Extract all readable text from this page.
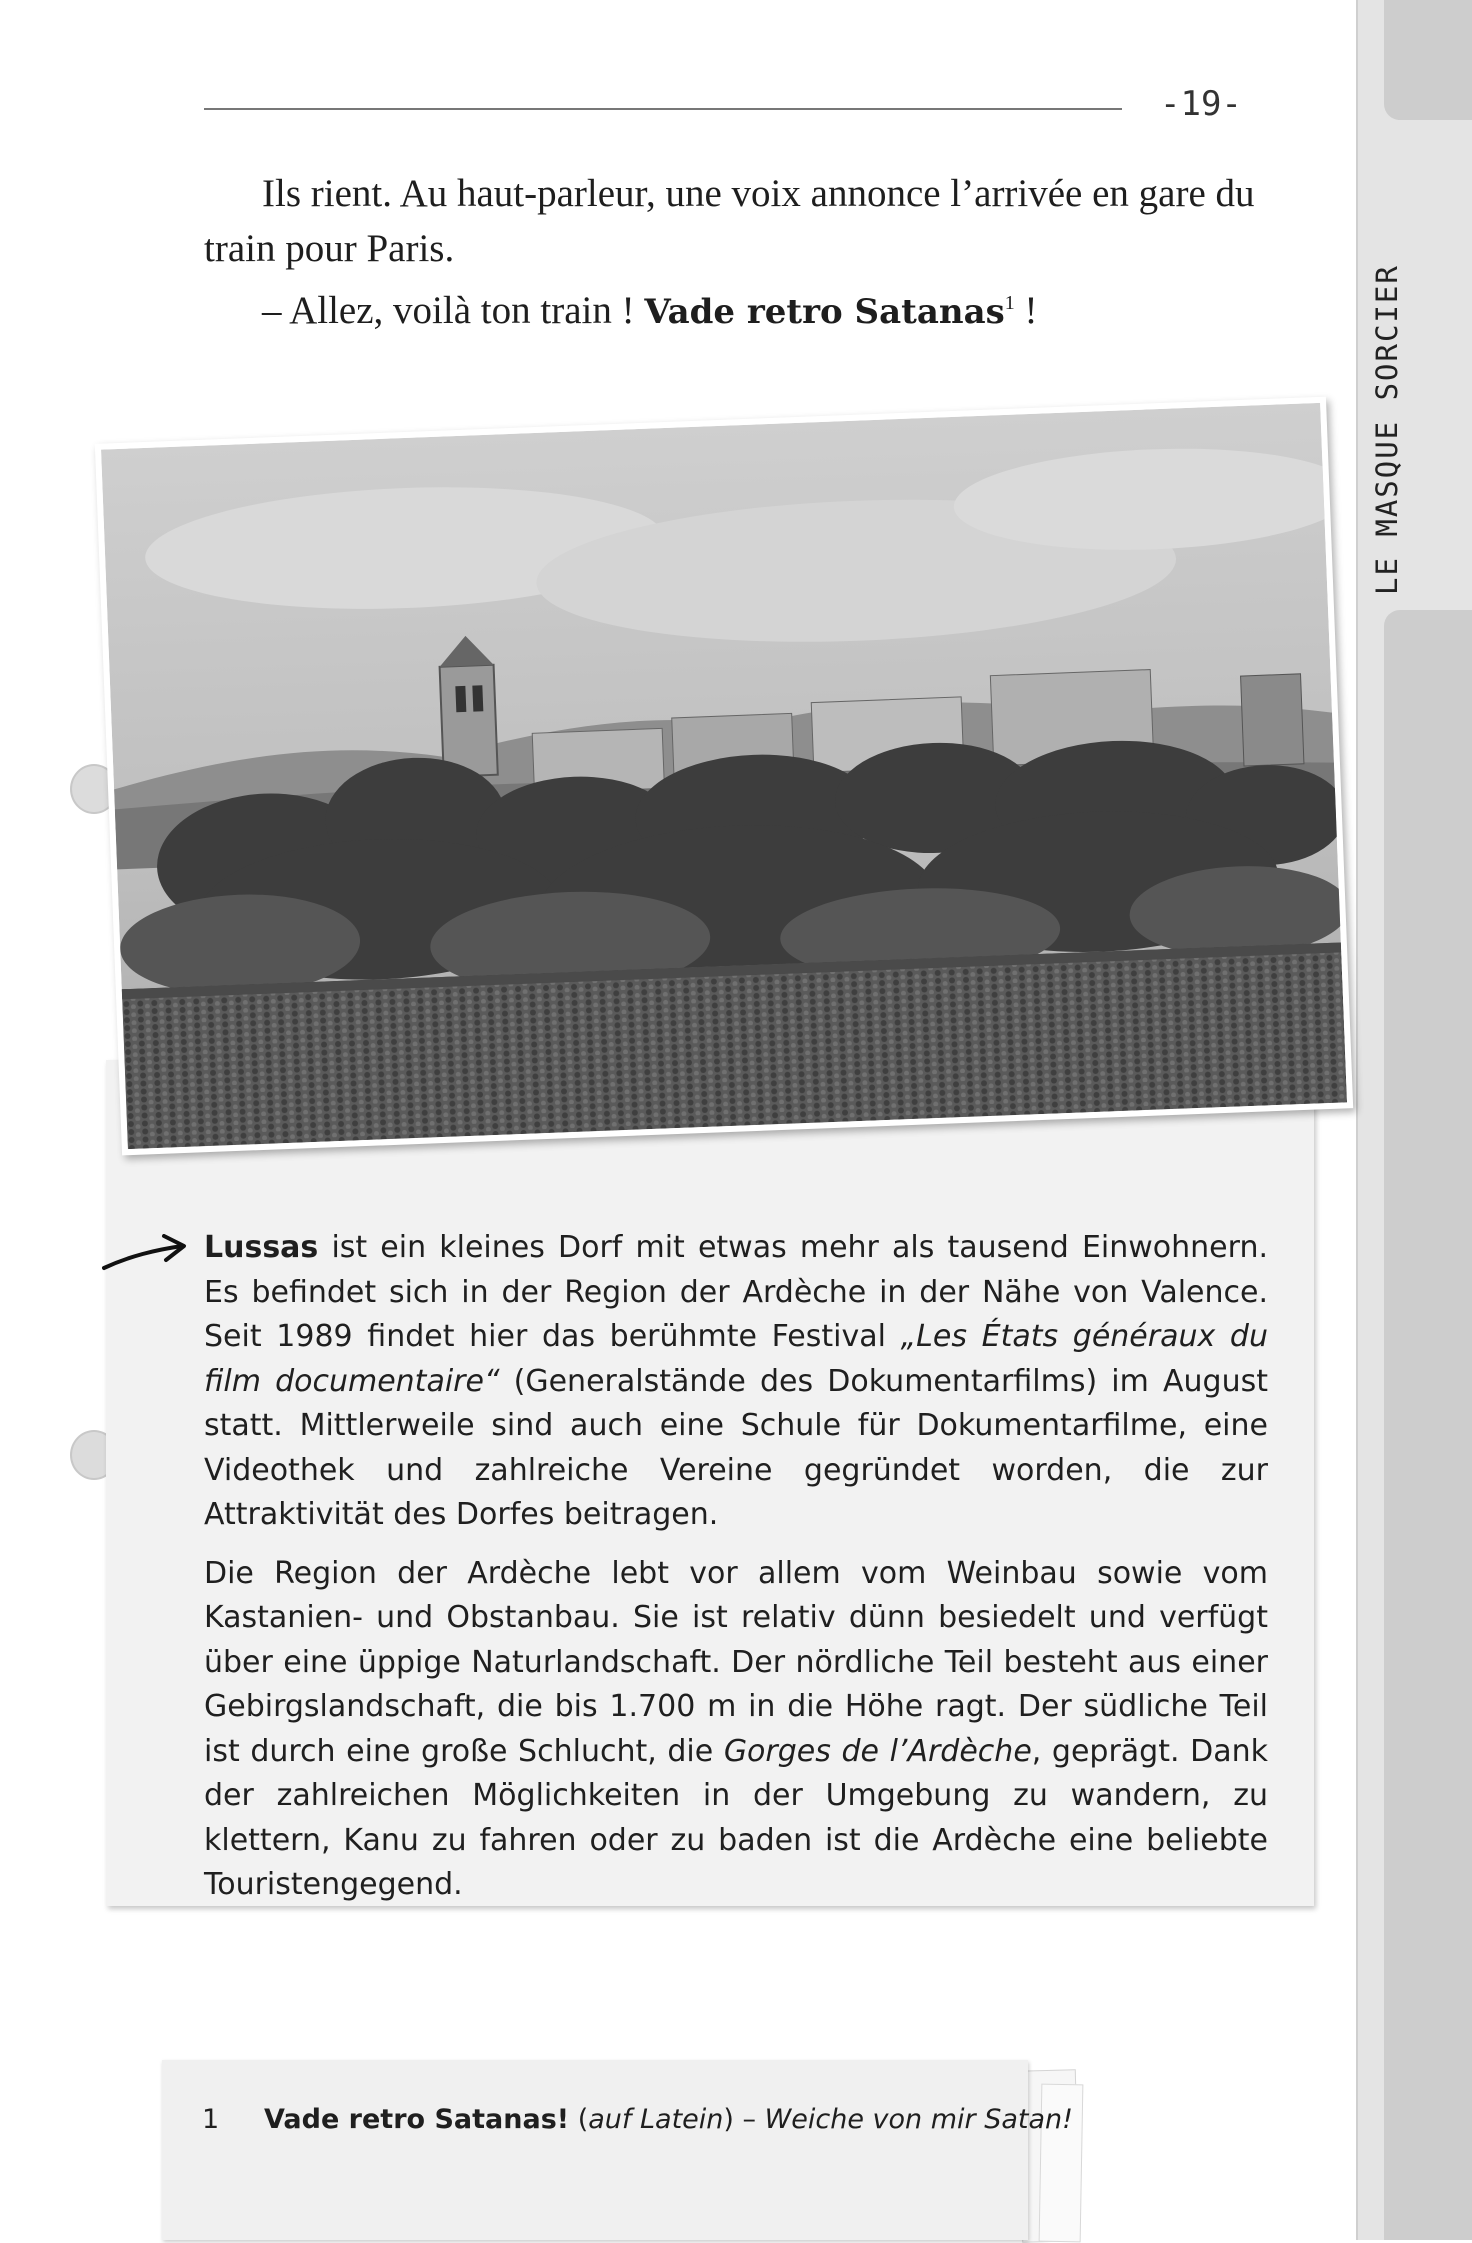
LE MASQUE SORCIER
-19-

Ils rient. Au haut-parleur, une voix annonce l’arrivée en gare du train pour Paris.

– Allez, voilà ton train ! Vade retro Satanas$^1$ !

Lussas ist ein kleines Dorf mit etwas mehr als tausend Einwohnern. Es befindet sich in der Region der Ardèche in der Nähe von Valence. Seit 1989 findet hier das berühmte Festival „Les États généraux du film documentaire“ (Generalstände des Dokumentarfilms) im August statt. Mittlerweile sind auch eine Schule für Dokumentarfilme, eine Videothek und zahlreiche Vereine gegründet worden, die zur Attraktivität des Dorfes beitragen.

Die Region der Ardèche lebt vor allem vom Weinbau sowie vom Kastanien- und Obstanbau. Sie ist relativ dünn besiedelt und verfügt über eine üppige Naturlandschaft. Der nördliche Teil besteht aus einer Gebirgslandschaft, die bis 1.700 m in die Höhe ragt. Der südliche Teil ist durch eine große Schlucht, die Gorges de l’Ardèche, geprägt. Dank der zahlreichen Möglichkeiten in der Umgebung zu wandern, zu klettern, Kanu zu fahren oder zu baden ist die Ardèche eine beliebte Touristengegend.

1 Vade retro Satanas! (auf Latein) – Weiche von mir Satan!
